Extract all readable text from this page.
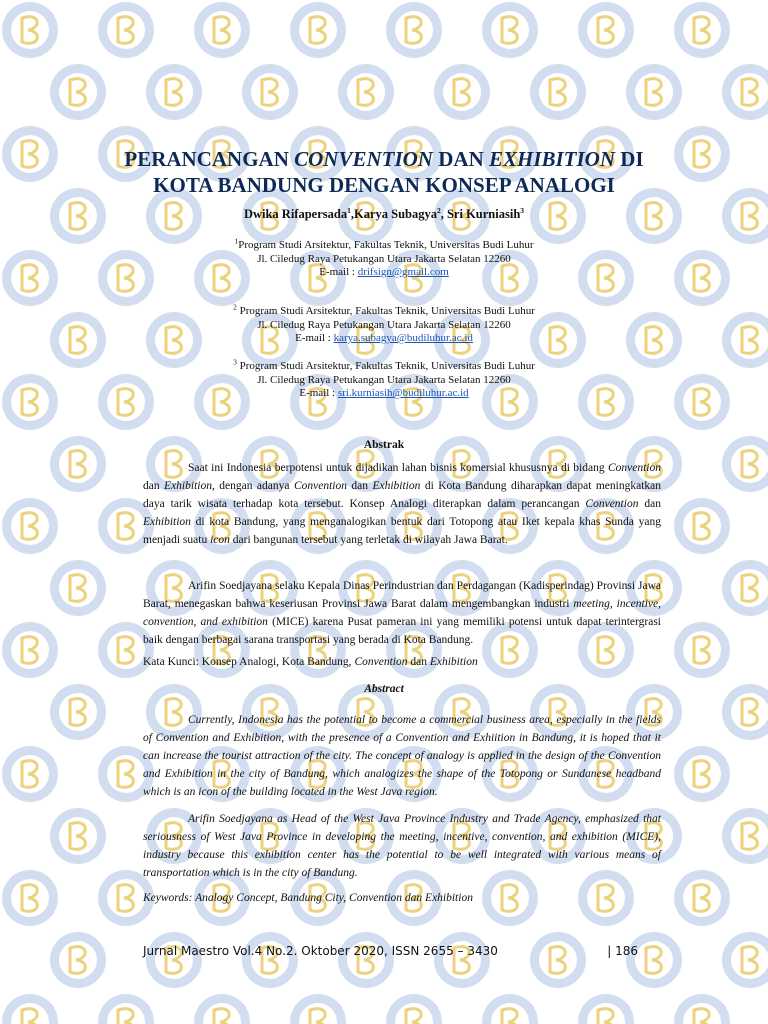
PERANCANGAN CONVENTION DAN EXHIBITION DI
KOTA BANDUNG DENGAN KONSEP ANALOGI
Dwika Rifapersada$^1$,Karya Subagya$^2$, Sri Kurniasih$^3$
$^1$Program Studi Arsitektur, Fakultas Teknik, Universitas Budi Luhur
Jl. Ciledug Raya Petukangan Utara Jakarta Selatan 12260
E-mail : drifsign@gmail.com
$^2$ Program Studi Arsitektur, Fakultas Teknik, Universitas Budi Luhur
Jl. Ciledug Raya Petukangan Utara Jakarta Selatan 12260
E-mail : karya.subagya@budiluhur.ac.id
$^3$ Program Studi Arsitektur, Fakultas Teknik, Universitas Budi Luhur
Jl. Ciledug Raya Petukangan Utara Jakarta Selatan 12260
E-mail : sri.kurniasih@budiluhur.ac.id
Abstrak

Saat ini Indonesia berpotensi untuk dijadikan lahan bisnis komersial khususnya di bidang Convention dan Exhibition, dengan adanya Convention dan Exhibition di Kota Bandung diharapkan dapat meningkatkan daya tarik wisata terhadap kota tersebut. Konsep Analogi diterapkan dalam perancangan Convention dan Exhibition di kota Bandung, yang menganalogikan bentuk dari Totopong atau Iket kepala khas Sunda yang menjadi suatu icon dari bangunan tersebut yang terletak di wilayah Jawa Barat.

Arifin Soedjayana selaku Kepala Dinas Perindustrian dan Perdagangan (Kadisperindag) Provinsi Jawa Barat, menegaskan bahwa keseriusan Provinsi Jawa Barat dalam mengembangkan industri meeting, incentive, convention, and exhibition (MICE) karena Pusat pameran ini yang memiliki potensi untuk dapat terintergrasi baik dengan berbagai sarana transportasi yang berada di Kota Bandung.

Kata Kunci: Konsep Analogi, Kota Bandung, Convention dan Exhibition

Abstract

Currently, Indonesia has the potential to become a commercial business area, especially in the fields of Convention and Exhibition, with the presence of a Convention and Exhiition in Bandung, it is hoped that it can increase the tourist attraction of the city. The concept of analogy is applied in the design of the Convention and Exhibition in the city of Bandung, which analogizes the shape of the Totopong or Sundanese headband which is an icon of the building located in the West Java region.

Arifin Soedjayana as Head of the West Java Province Industry and Trade Agency, emphasized that seriousness of West Java Province in developing the meeting, incentive, convention, and exhibition (MICE), industry because this exhibition center has the potential to be well integrated with various means of transportation which is in the city of Bandung.

Keywords: Analogy Concept, Bandung City, Convention dan Exhibition

Jurnal Maestro Vol.4 No.2. Oktober 2020, ISSN 2655 – 3430	| 186
